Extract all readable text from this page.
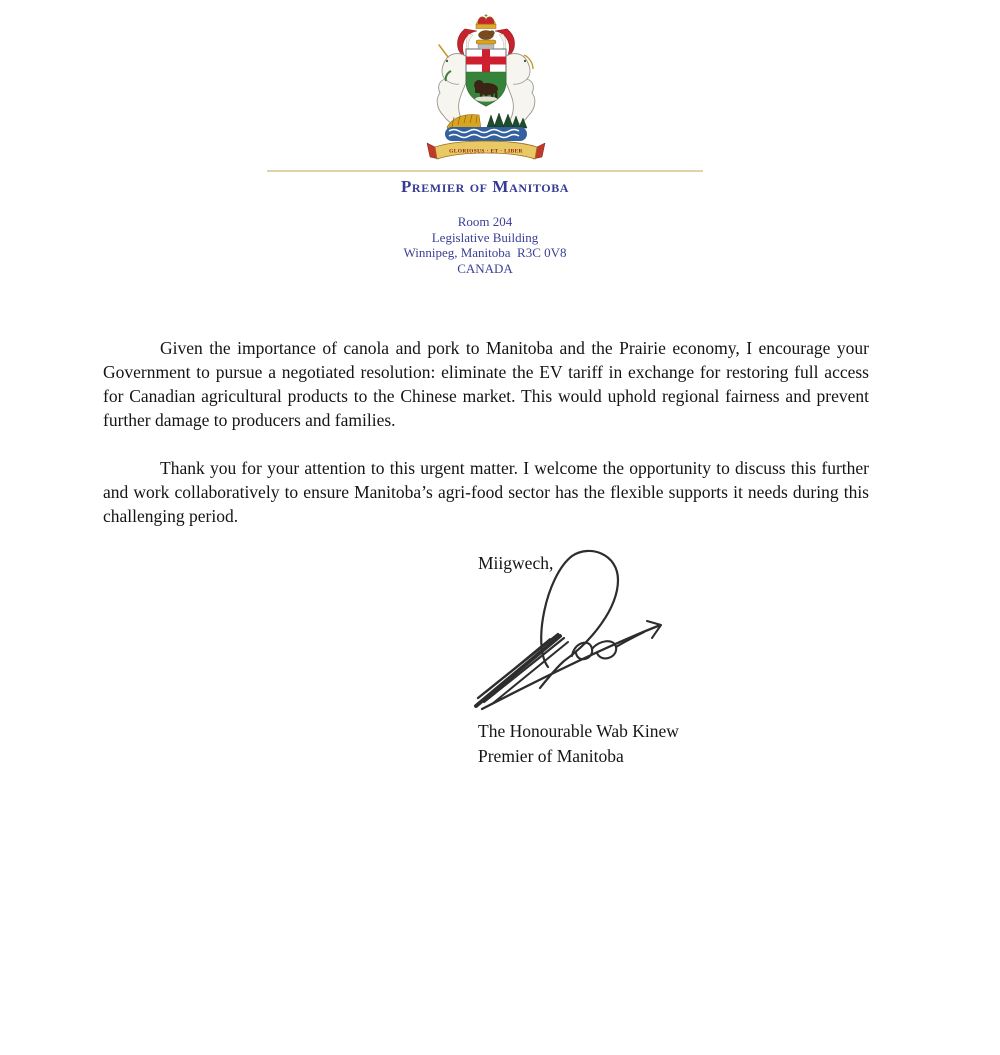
GLORIOSUS · ET · LIBER
Premier of Manitoba
Room 204
Legislative Building
Winnipeg, Manitoba  R3C 0V8
CANADA

Given the importance of canola and pork to Manitoba and the Prairie economy, I encourage your Government to pursue a negotiated resolution: eliminate the EV tariff in exchange for restoring full access for Canadian agricultural products to the Chinese market. This would uphold regional fairness and prevent further damage to producers and families.

Thank you for your attention to this urgent matter. I welcome the opportunity to discuss this further and work collaboratively to ensure Manitoba’s agri-food sector has the flexible supports it needs during this challenging period.

Miigwech,
The Honourable Wab Kinew
Premier of Manitoba
